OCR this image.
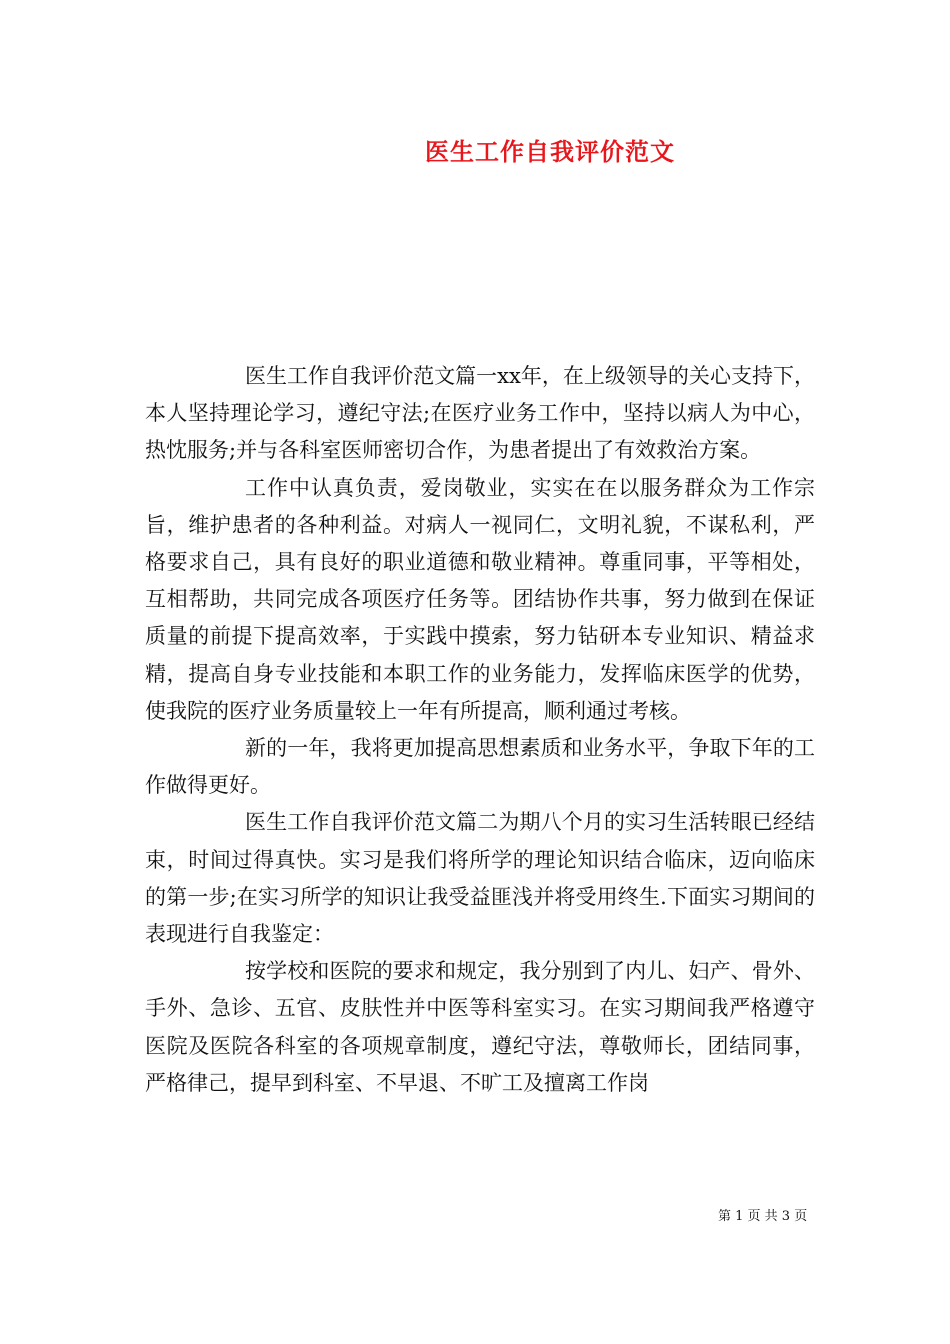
医生工作自我评价范文

医生工作自我评价范文篇一xx年，在上级领导的关心支持下，本人坚持理论学习，遵纪守法;在医疗业务工作中，坚持以病人为中心，热忱服务;并与各科室医师密切合作，为患者提出了有效救治方案。

工作中认真负责，爱岗敬业，实实在在以服务群众为工作宗旨，维护患者的各种利益。对病人一视同仁，文明礼貌，不谋私利，严格要求自己，具有良好的职业道德和敬业精神。尊重同事，平等相处，互相帮助，共同完成各项医疗任务等。团结协作共事，努力做到在保证质量的前提下提高效率，于实践中摸索，努力钻研本专业知识、精益求精，提高自身专业技能和本职工作的业务能力，发挥临床医学的优势，使我院的医疗业务质量较上一年有所提高，顺利通过考核。

新的一年，我将更加提高思想素质和业务水平，争取下年的工作做得更好。

医生工作自我评价范文篇二为期八个月的实习生活转眼已经结束，时间过得真快。实习是我们将所学的理论知识结合临床，迈向临床的第一步;在实习所学的知识让我受益匪浅并将受用终生.下面实习期间的表现进行自我鉴定：

按学校和医院的要求和规定，我分别到了内儿、妇产、骨外、手外、急诊、五官、皮肤性并中医等科室实习。在实习期间我严格遵守医院及医院各科室的各项规章制度，遵纪守法，尊敬师长，团结同事，严格律己，提早到科室、不早退、不旷工及擅离工作岗

第 1 页 共 3 页
